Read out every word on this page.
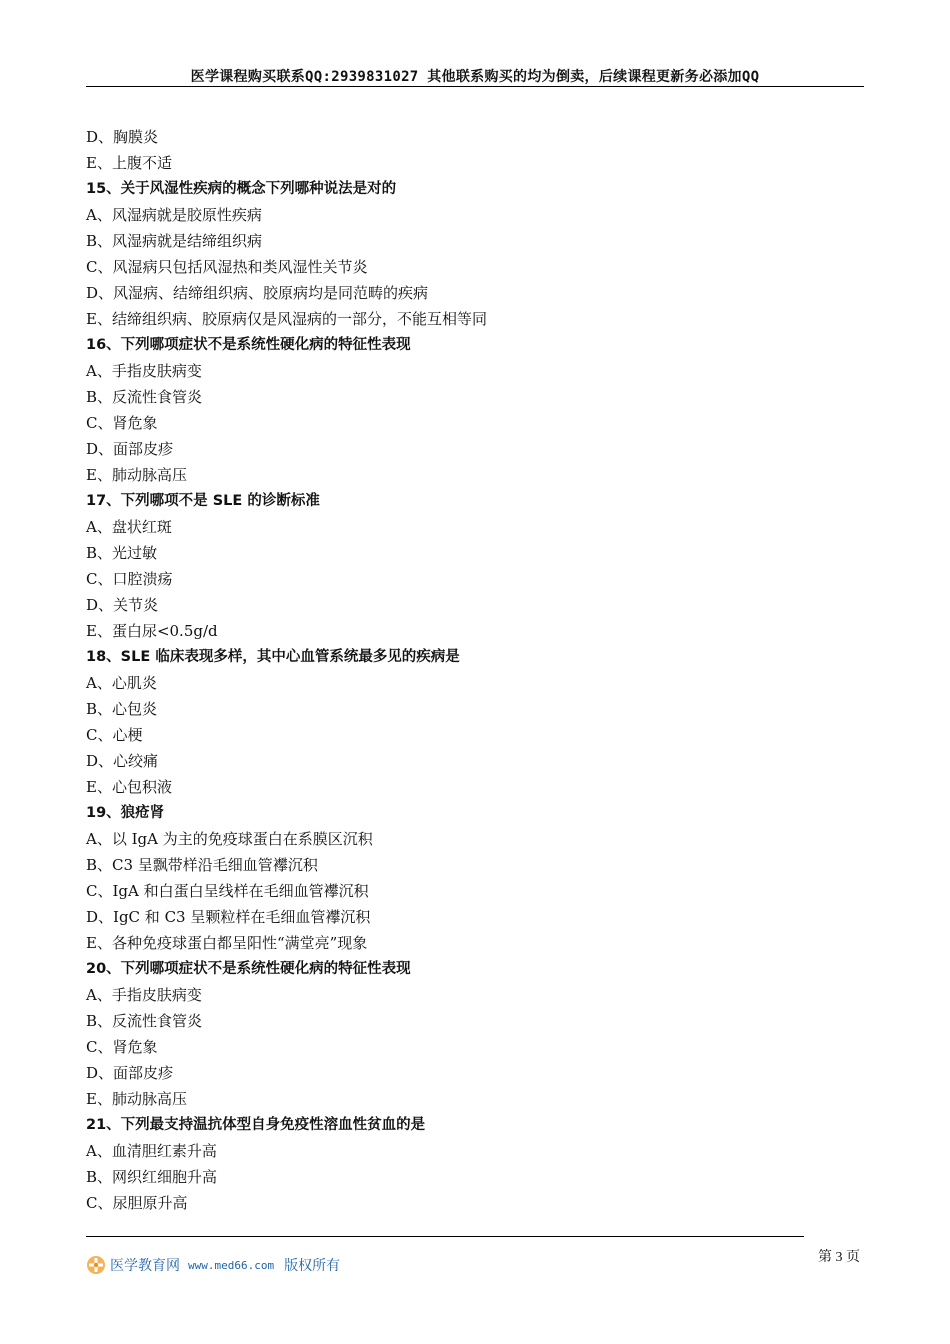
医学课程购买联系QQ:2939831027 其他联系购买的均为倒卖，后续课程更新务必添加QQ
D、胸膜炎
E、上腹不适
15、关于风湿性疾病的概念下列哪种说法是对的
A、风湿病就是胶原性疾病
B、风湿病就是结缔组织病
C、风湿病只包括风湿热和类风湿性关节炎
D、风湿病、结缔组织病、胶原病均是同范畴的疾病
E、结缔组织病、胶原病仅是风湿病的一部分，不能互相等同
16、下列哪项症状不是系统性硬化病的特征性表现
A、手指皮肤病变
B、反流性食管炎
C、肾危象
D、面部皮疹
E、肺动脉高压
17、下列哪项不是 SLE 的诊断标准
A、盘状红斑
B、光过敏
C、口腔溃疡
D、关节炎
E、蛋白尿<0.5g/d
18、SLE 临床表现多样，其中心血管系统最多见的疾病是
A、心肌炎
B、心包炎
C、心梗
D、心绞痛
E、心包积液
19、狼疮肾
A、以 IgA 为主的免疫球蛋白在系膜区沉积
B、C3 呈飘带样沿毛细血管襻沉积
C、IgA 和白蛋白呈线样在毛细血管襻沉积
D、IgC 和 C3 呈颗粒样在毛细血管襻沉积
E、各种免疫球蛋白都呈阳性“满堂亮”现象
20、下列哪项症状不是系统性硬化病的特征性表现
A、手指皮肤病变
B、反流性食管炎
C、肾危象
D、面部皮疹
E、肺动脉高压
21、下列最支持温抗体型自身免疫性溶血性贫血的是
A、血清胆红素升高
B、网织红细胞升高
C、尿胆原升高
医学教育网 www.med66.com 版权所有
第 3 页
